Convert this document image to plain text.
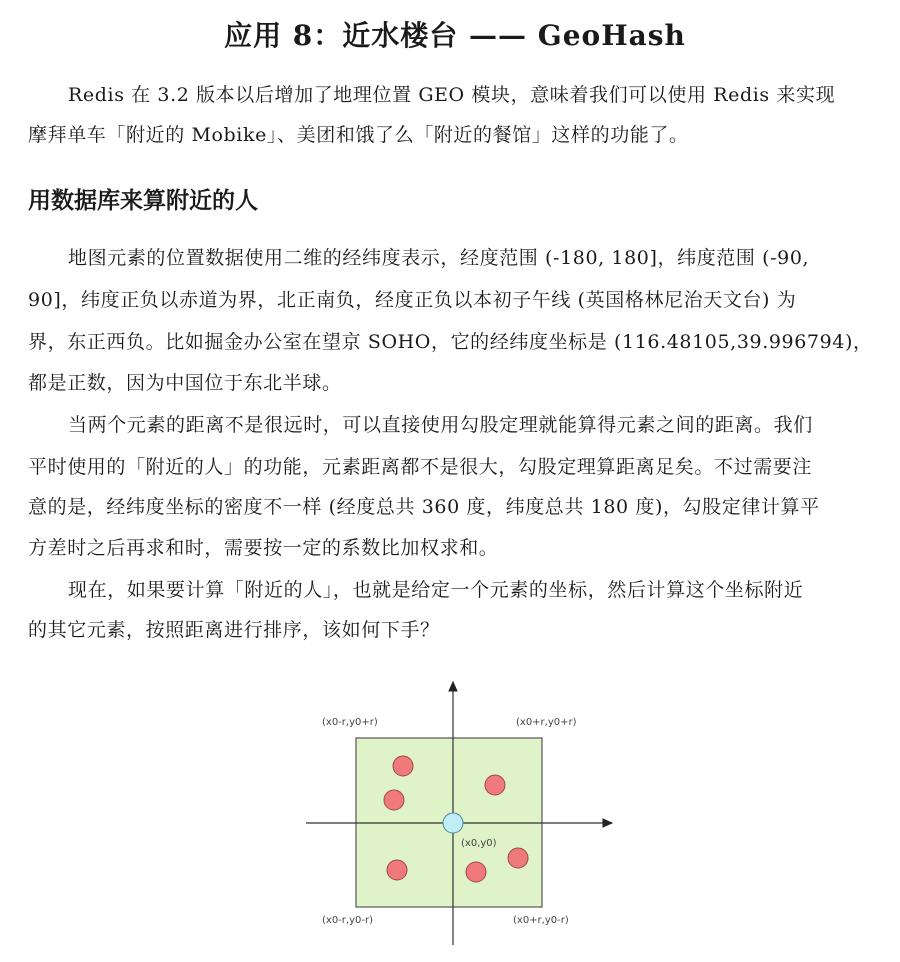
应用 8：近水楼台 —— GeoHash
Redis 在 3.2 版本以后增加了地理位置 GEO 模块，意味着我们可以使用 Redis 来实现
摩拜单车「附近的 Mobike」、美团和饿了么「附近的餐馆」这样的功能了。
用数据库来算附近的人
地图元素的位置数据使用二维的经纬度表示，经度范围 (-180, 180]，纬度范围 (-90,
90]，纬度正负以赤道为界，北正南负，经度正负以本初子午线 (英国格林尼治天文台) 为
界，东正西负。比如掘金办公室在望京 SOHO，它的经纬度坐标是 (116.48105,39.996794)，
都是正数，因为中国位于东北半球。
当两个元素的距离不是很远时，可以直接使用勾股定理就能算得元素之间的距离。我们
平时使用的「附近的人」的功能，元素距离都不是很大，勾股定理算距离足矣。不过需要注
意的是，经纬度坐标的密度不一样 (经度总共 360 度，纬度总共 180 度)，勾股定律计算平
方差时之后再求和时，需要按一定的系数比加权求和。
现在，如果要计算「附近的人」，也就是给定一个元素的坐标，然后计算这个坐标附近
的其它元素，按照距离进行排序，该如何下手？
(x0-r,y0+r)	(x0+r,y0+r)
(x0-r,y0-r)	(x0+r,y0-r)
(x0,y0)
